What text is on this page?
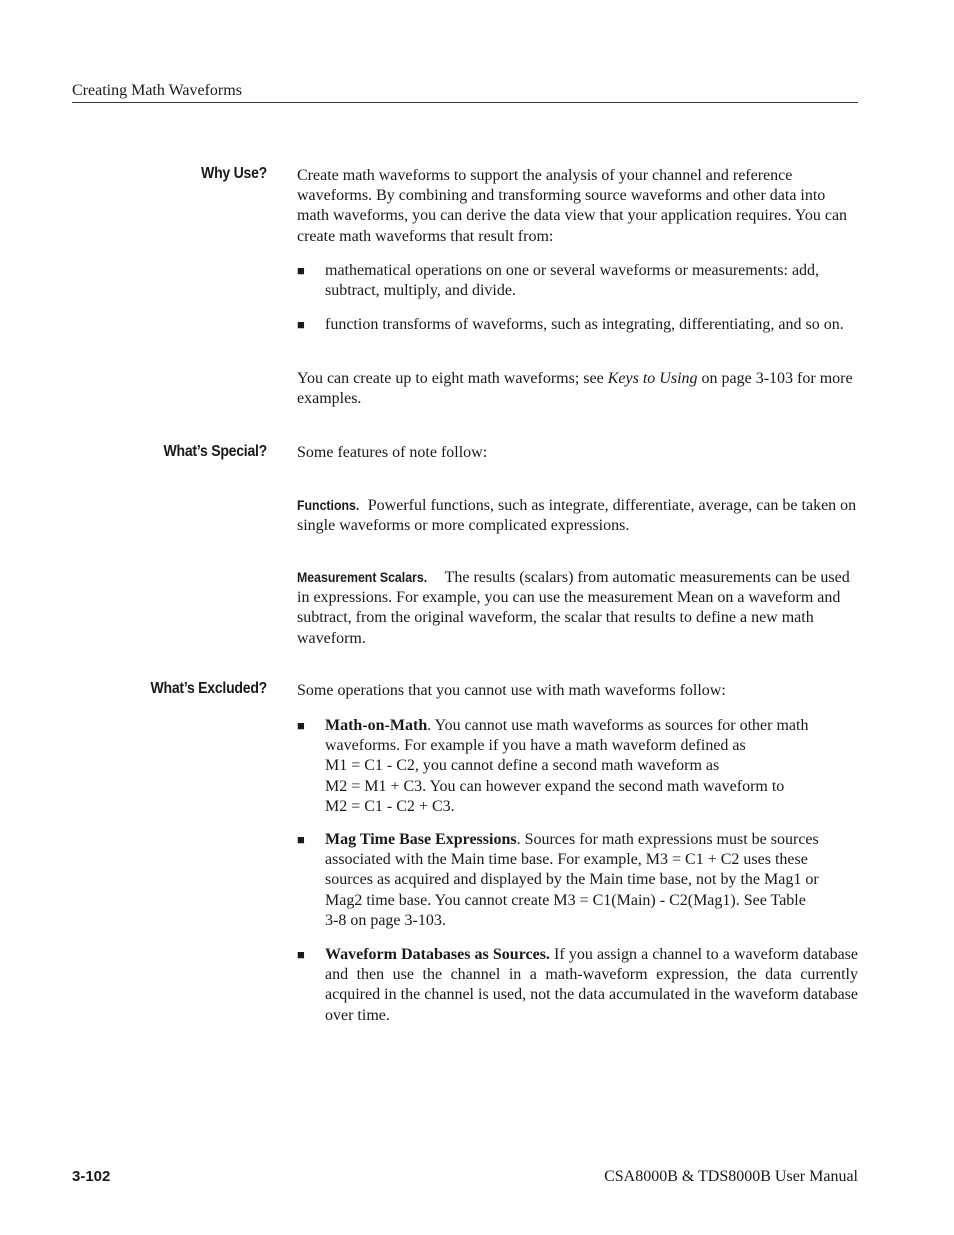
Creating Math Waveforms
Why Use? Create math waveforms to support the analysis of your channel and reference waveforms. By combining and transforming source waveforms and other data into math waveforms, you can derive the data view that your application requires. You can create math waveforms that result from:
■ mathematical operations on one or several waveforms or measurements: add, subtract, multiply, and divide.
■ function transforms of waveforms, such as integrating, differentiating, and so on.
You can create up to eight math waveforms; see Keys to Using on page 3-103 for more examples.
What’s Special? Some features of note follow:
Functions. Powerful functions, such as integrate, differentiate, average, can be taken on single waveforms or more complicated expressions.
Measurement Scalars. The results (scalars) from automatic measurements can be used in expressions. For example, you can use the measurement Mean on a waveform and subtract, from the original waveform, the scalar that results to define a new math waveform.
What’s Excluded? Some operations that you cannot use with math waveforms follow:
■ Math-on-Math. You cannot use math waveforms as sources for other math
waveforms. For example if you have a math waveform defined as
M1 = C1 - C2, you cannot define a second math waveform as
M2 = M1 + C3. You can however expand the second math waveform to
M2 = C1 - C2 + C3.
■ Mag Time Base Expressions. Sources for math expressions must be sources
associated with the Main time base. For example, M3 = C1 + C2 uses these
sources as acquired and displayed by the Main time base, not by the Mag1 or
Mag2 time base. You cannot create M3 = C1(Main) - C2(Mag1). See Table
3-8 on page 3-103.
■ Waveform Databases as Sources. If you assign a channel to a waveform database and then use the channel in a math-waveform expression, the data currently acquired in the channel is used, not the data accumulated in the waveform database over time.
3-102	CSA8000B & TDS8000B User Manual
